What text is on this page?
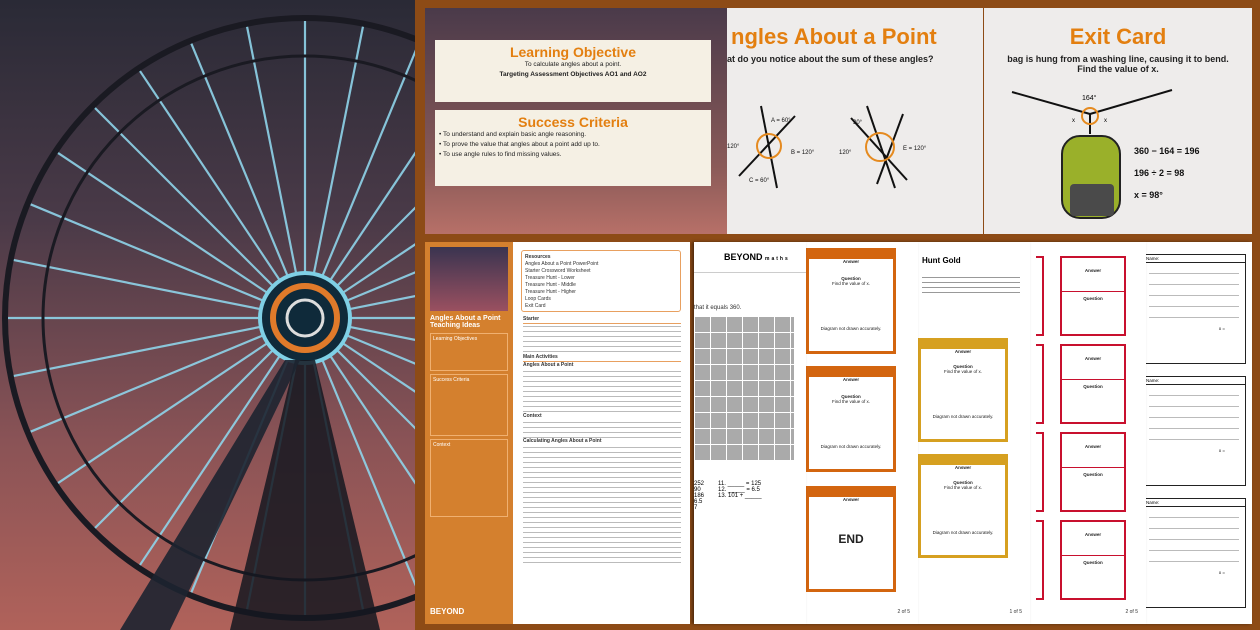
Learning Objective
To calculate angles about a point.
Targeting Assessment Objectives AO1 and AO2
Success Criteria
• To understand and explain basic angle reasoning.
• To prove the value that angles about a point add up to.
• To use angle rules to find missing values.
ngles About a Point
at do you notice about the sum of these angles?
A = 60°
B = 120°
C = 60°
120°
30°
E = 120°
120°
Exit Card
bag is hung from a washing line, causing it to bend.
Find the value of x.
164°
x	x
360 − 164 = 196
196 ÷ 2 = 98
x = 98°
Angles About a Point Teaching Ideas
Learning Objectives
Success Criteria
Context
BEYOND
Resources
Angles About a Point PowerPoint
Starter Crossword Worksheet
Treasure Hunt - Lower
Treasure Hunt - Middle
Treasure Hunt - Higher
Loop Cards
Exit Card
Starter
Main Activities
Angles About a Point
Context
Calculating Angles About a Point
BEYOND maths
that it equals 360.
252
90
186
6.5
7
11. _____ = 125
12. _____ = 6.5
13. 101 + _____
Answer
Question
Find the value of x.
Diagram not drawn accurately.
Answer
Question
Find the value of x.
Diagram not drawn accurately.
Answer
END
2 of 5
Hunt Gold
Answer
Question
Find the value of x.
Diagram not drawn accurately.
Answer
Question
Find the value of x.
Diagram not drawn accurately.
1 of 5
Answer
Question
Answer
Question
Answer
Question
Answer
Question
2 of 5
Name:
x =
Name:
x =
Name:
x =
